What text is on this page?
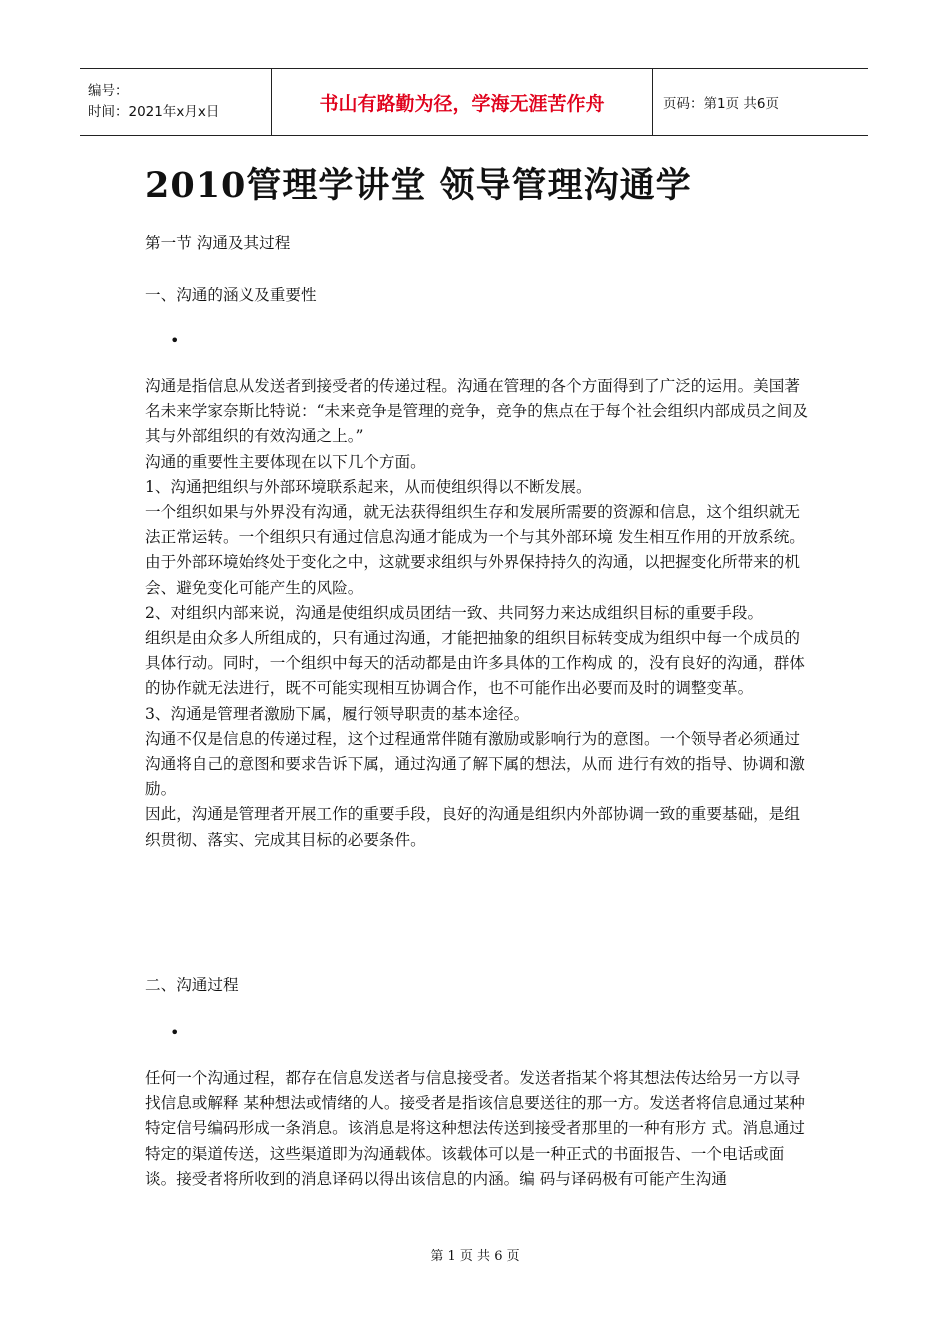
编号：
时间：2021年x月x日	书山有路勤为径，学海无涯苦作舟	页码：第1页 共6页
2010管理学讲堂 领导管理沟通学
第一节 沟通及其过程
一、沟通的涵义及重要性
•

沟通是指信息从发送者到接受者的传递过程。沟通在管理的各个方面得到了广泛的运用。美国著 名未来学家奈斯比特说：“未来竞争是管理的竞争，竞争的焦点在于每个社会组织内部成员之间及其与外部组织的有效沟通之上。”

沟通的重要性主要体现在以下几个方面。

1、沟通把组织与外部环境联系起来，从而使组织得以不断发展。

一个组织如果与外界没有沟通，就无法获得组织生存和发展所需要的资源和信息，这个组织就无法正常运转。一个组织只有通过信息沟通才能成为一个与其外部环境 发生相互作用的开放系统。由于外部环境始终处于变化之中，这就要求组织与外界保持持久的沟通，以把握变化所带来的机会、避免变化可能产生的风险。

2、对组织内部来说，沟通是使组织成员团结一致、共同努力来达成组织目标的重要手段。

组织是由众多人所组成的，只有通过沟通，才能把抽象的组织目标转变成为组织中每一个成员的具体行动。同时，一个组织中每天的活动都是由许多具体的工作构成 的，没有良好的沟通，群体的协作就无法进行，既不可能实现相互协调合作，也不可能作出必要而及时的调整变革。

3、沟通是管理者激励下属，履行领导职责的基本途径。

沟通不仅是信息的传递过程，这个过程通常伴随有激励或影响行为的意图。一个领导者必须通过沟通将自己的意图和要求告诉下属，通过沟通了解下属的想法，从而 进行有效的指导、协调和激励。

因此，沟通是管理者开展工作的重要手段，良好的沟通是组织内外部协调一致的重要基础，是组织贯彻、落实、完成其目标的必要条件。

二、沟通过程
•

任何一个沟通过程，都存在信息发送者与信息接受者。发送者指某个将其想法传达给另一方以寻找信息或解释 某种想法或情绪的人。接受者是指该信息要送往的那一方。发送者将信息通过某种特定信号编码形成一条消息。该消息是将这种想法传送到接受者那里的一种有形方 式。消息通过特定的渠道传送，这些渠道即为沟通载体。该载体可以是一种正式的书面报告、一个电话或面谈。接受者将所收到的消息译码以得出该信息的内涵。编 码与译码极有可能产生沟通

第 1 页 共 6 页
